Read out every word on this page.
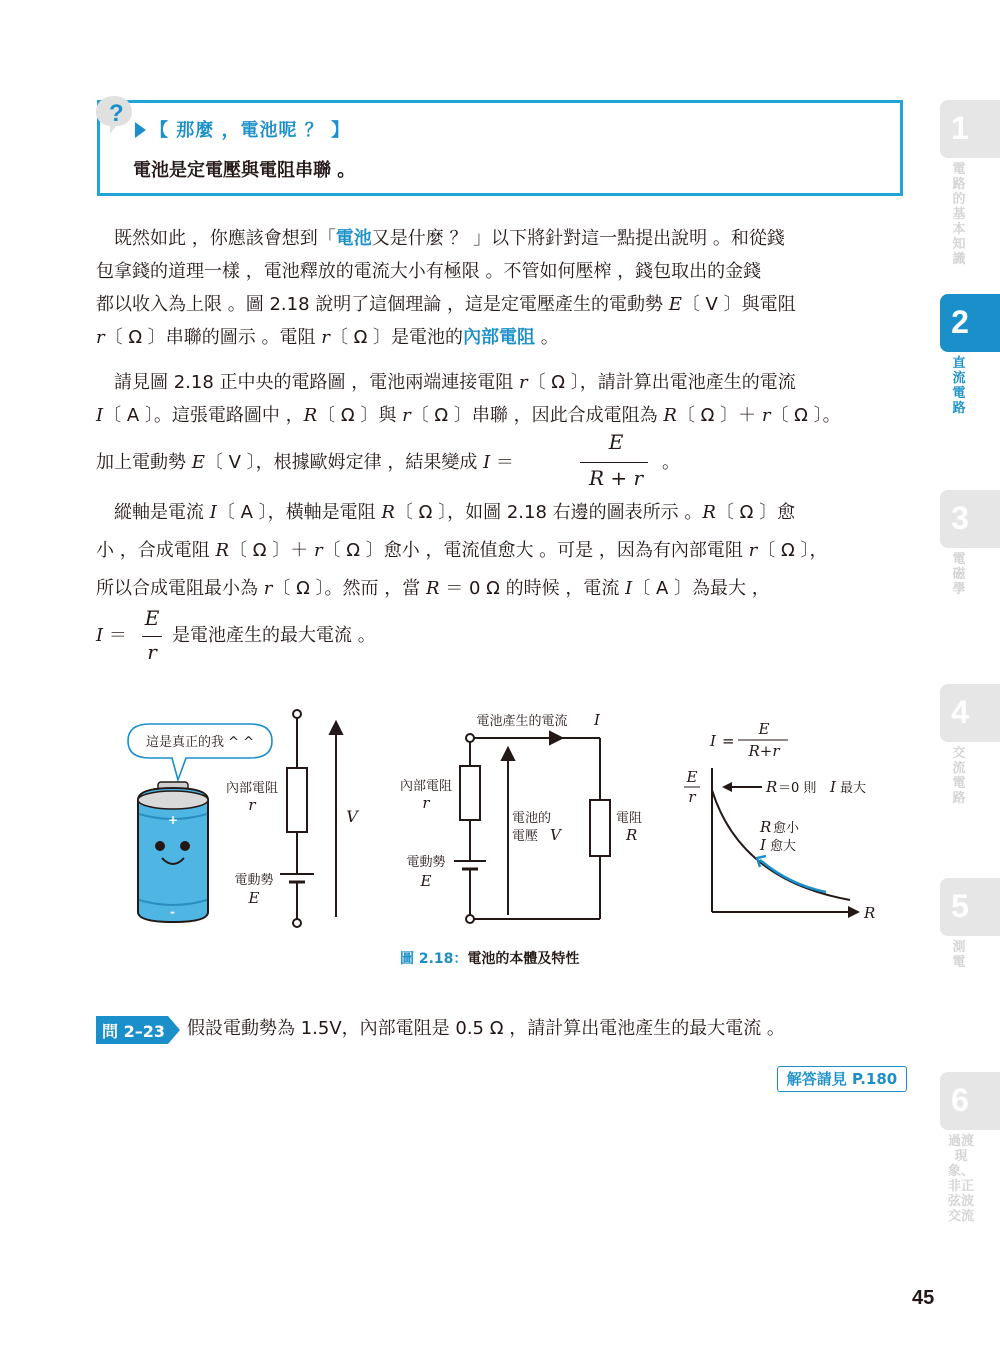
?
【 那麼 ，電池呢 ？ 】
電池是定電壓與電阻串聯 。
既然如此 ，你應該會想到「電池又是什麼 ？ 」以下將針對這一點提出說明 。和從錢
包拿錢的道理一樣 ，電池釋放的電流大小有極限 。不管如何壓榨 ，錢包取出的金錢
都以收入為上限 。圖 2.18 說明了這個理論 ，這是定電壓產生的電動勢 E〔 V 〕與電阻
r〔 Ω 〕串聯的圖示 。電阻 r〔 Ω 〕是電池的內部電阻 。
請見圖 2.18 正中央的電路圖 ，電池兩端連接電阻 r〔 Ω 〕，請計算出電池產生的電流
I〔 A 〕。這張電路圖中 ，R〔 Ω 〕與 r〔 Ω 〕串聯 ，因此合成電阻為 R〔 Ω 〕＋ r〔 Ω 〕。
加上電動勢 E〔 V 〕，根據歐姆定律 ，結果變成 I ＝
E
R + r
。
縱軸是電流 I〔 A 〕，橫軸是電阻 R〔 Ω 〕，如圖 2.18 右邊的圖表所示 。R〔 Ω 〕愈
小 ，合成電阻 R〔 Ω 〕＋ r〔 Ω 〕愈小 ，電流值愈大 。可是 ，因為有內部電阻 r〔 Ω 〕，
所以合成電阻最小為 r〔 Ω 〕。然而 ，當 R ＝ 0 Ω 的時候 ，電流 I〔 A 〕為最大 ，
I ＝
E
r
是電池產生的最大電流 。
這是真正的我 ^ ^
+
-
內部電阻
r
電動勢
E
V
電池產生的電流 I
內部電阻
r
電動勢
E
電池的
電壓 V
電阻
R
I =
E
R+r
E
r
R ＝0 則 I 最大
R 愈小
I 愈大
R
圖 2.18：電池的本體及特性
問 2–23 假設電動勢為 1.5V，內部電阻是 0.5 Ω ，請計算出電池產生的最大電流 。
解答請見 P.180
1
電路的基本知識
2
直流電路
3
電磁學
4
交流電路
5
測電
6
過渡現象、非正弦波交流
45
